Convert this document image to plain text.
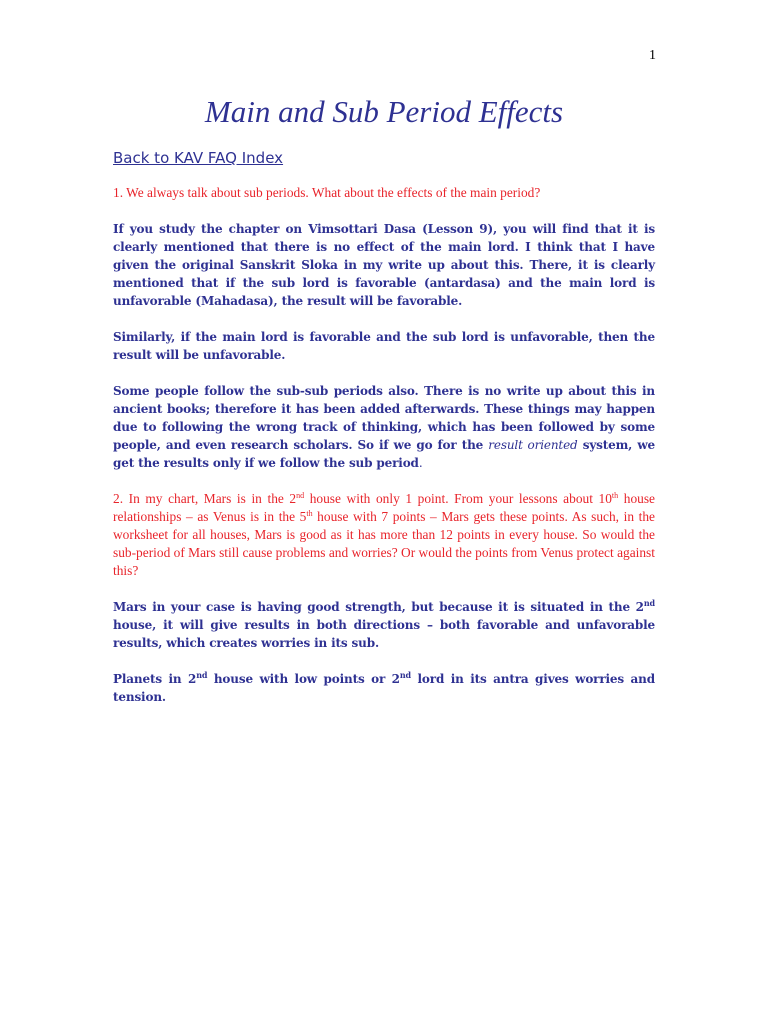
1
Main and Sub Period Effects
Back to KAV FAQ Index

1. We always talk about sub periods. What about the effects of the main period?

If you study the chapter on Vimsottari Dasa (Lesson 9), you will find that it is clearly mentioned that there is no effect of the main lord. I think that I have given the original Sanskrit Sloka in my write up about this. There, it is clearly mentioned that if the sub lord is favorable (antardasa) and the main lord is unfavorable (Mahadasa), the result will be favorable.

Similarly, if the main lord is favorable and the sub lord is unfavorable, then the result will be unfavorable.

Some people follow the sub-sub periods also. There is no write up about this in ancient books; therefore it has been added afterwards. These things may happen due to following the wrong track of thinking, which has been followed by some people, and even research scholars. So if we go for the result oriented system, we get the results only if we follow the sub period.

2. In my chart, Mars is in the 2nd house with only 1 point. From your lessons about 10th house relationships – as Venus is in the 5th house with 7 points – Mars gets these points. As such, in the worksheet for all houses, Mars is good as it has more than 12 points in every house. So would the sub-period of Mars still cause problems and worries? Or would the points from Venus protect against this?

Mars in your case is having good strength, but because it is situated in the 2nd house, it will give results in both directions – both favorable and unfavorable results, which creates worries in its sub.

Planets in 2nd house with low points or 2nd lord in its antra gives worries and tension.
